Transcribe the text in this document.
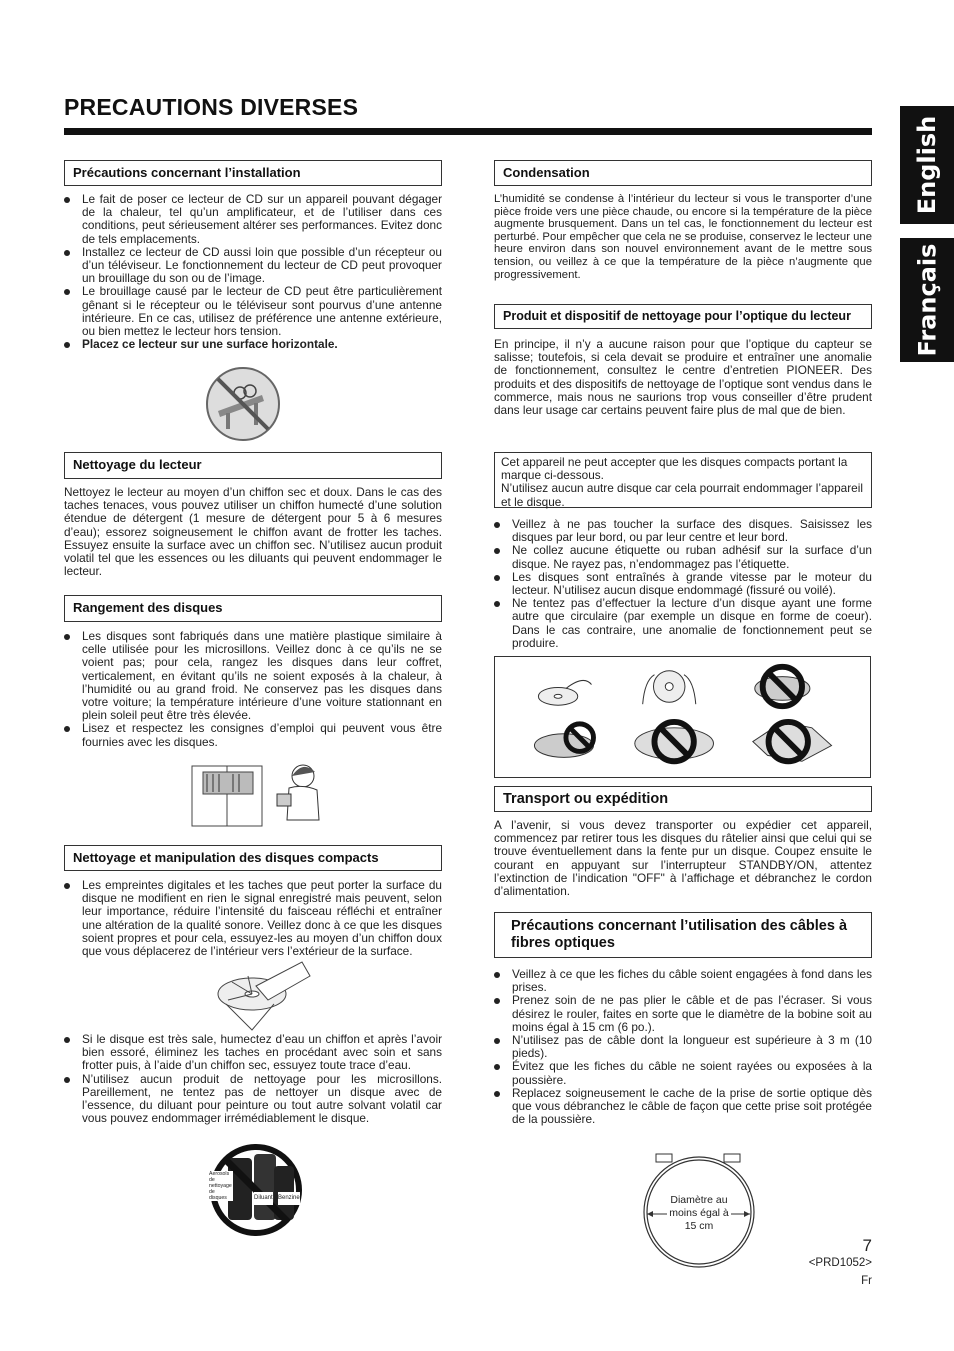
PRECAUTIONS DIVERSES
English
Français
Précautions concernant l’installation
Le fait de poser ce lecteur de CD sur un appareil pouvant dégager de la chaleur, tel qu’un amplificateur, et de l’utiliser dans ces conditions, peut sérieusement altérer ses performances. Evitez donc de tels emplacements.
Installez ce lecteur de CD aussi loin que possible d’un récepteur ou d’un téléviseur. Le fonctionnement du lecteur de CD peut provoquer un brouillage du son ou de l’image.
Le brouillage causé par le lecteur de CD peut être particulièrement gênant si le récepteur ou le téléviseur sont pourvus d’une antenne intérieure. En ce cas, utilisez de préférence une antenne extérieure, ou bien mettez le lecteur hors tension.
Placez ce lecteur sur une surface horizontale.
Nettoyage du lecteur

Nettoyez le lecteur au moyen d’un chiffon sec et doux. Dans le cas des taches tenaces, vous pouvez utiliser un chiffon humecté d’une solution étendue de détergent (1 mesure de détergent pour 5 à 6 mesures d’eau); essorez soigneusement le chiffon avant de frotter les taches. Essuyez ensuite la surface avec un chiffon sec. N’utilisez aucun produit volatil tel que les essences ou les diluants qui peuvent endommager le lecteur.

Rangement des disques
Les disques sont fabriqués dans une matière plastique similaire à celle utilisée pour les microsillons. Veillez donc à ce qu’ils ne se voient pas; pour cela, rangez les disques dans leur coffret, verticalement, en évitant qu’ils ne soient exposés à la chaleur, à l’humidité ou au grand froid. Ne conservez pas les disques dans votre voiture; la température intérieure d’une voiture stationnant en plein soleil peut être très élevée.
Lisez et respectez les consignes d’emploi qui peuvent vous être fournies avec les disques.
Nettoyage et manipulation des disques compacts
Les empreintes digitales et les taches que peut porter la surface du disque ne modifient en rien le signal enregistré mais peuvent, selon leur importance, réduire l’intensité du faisceau réfléchi et entraîner une altération de la qualité sonore. Veillez donc à ce que les disques soient propres et pour cela, essuyez-les au moyen d’un chiffon doux que vous déplacerez de l’intérieur vers l’extérieur de la surface.
Si le disque est très sale, humectez d’eau un chiffon et après l’avoir bien essoré, éliminez les taches en procédant avec soin et sans frotter puis, à l’aide d’un chiffon sec, essuyez toute trace d’eau.
N’utilisez aucun produit de nettoyage pour les microsillons. Pareillement, ne tentez pas de nettoyer un disque avec de l’essence, du diluant pour peinture ou tout autre solvant volatil car vous pouvez endommager irrémédiablement le disque.
Aerosols de nettoyage de disques	Diluant Benzine
Condensation

L’humidité se condense à l’intérieur du lecteur si vous le transporter d’une pièce froide vers une pièce chaude, ou encore si la température de la pièce augmente brusquement. Dans un tel cas, le fonctionnement du lecteur est perturbé. Pour empêcher que cela ne se produise, conservez le lecteur une heure environ dans son nouvel environnement avant de le mettre sous tension, ou veillez à ce que la température de la pièce n’augmente que progressivement.

Produit et dispositif de nettoyage pour l’optique du lecteur

En principe, il n’y a aucune raison pour que l’optique du capteur se salisse; toutefois, si cela devait se produire et entraîner une anomalie de fonctionnement, consultez le centre d’entretien PIONEER. Des produits et des dispositifs de nettoyage de l’optique sont vendus dans le commerce, mais nous ne saurions trop vous conseiller d’être prudent dans leur usage car certains peuvent faire plus de mal que de bien.

Cet appareil ne peut accepter que les disques compacts portant la marque ci-dessous.

N’utilisez aucun autre disque car cela pourrait endommager l’appareil et le disque.

Veillez à ne pas toucher la surface des disques. Saisissez les disques par leur bord, ou par leur centre et leur bord.
Ne collez aucune étiquette ou ruban adhésif sur la surface d’un disque. Ne rayez pas, n’endommagez pas l’étiquette.
Les disques sont entraînés à grande vitesse par le moteur du lecteur. N’utilisez aucun disque endommagé (fissuré ou voilé).
Ne tentez pas d’effectuer la lecture d’un disque ayant une forme autre que circulaire (par exemple un disque en forme de coeur). Dans le cas contraire, une anomalie de fonctionnement peut se produire.
Transport ou expédition

A l’avenir, si vous devez transporter ou expédier cet appareil, commencez par retirer tous les disques du râtelier ainsi que celui qui se trouve éventuellement dans la fente pur un disque. Coupez ensuite le courant en appuyant sur l’interrupteur STANDBY/ON, attentez l’extinction de l’indication "OFF" à l’affichage et débranchez le cordon d’alimentation.

Précautions concernant l’utilisation des câbles à fibres optiques
Veillez à ce que les fiches du câble soient engagées à fond dans les prises.
Prenez soin de ne pas plier le câble et de pas l’écraser. Si vous désirez le rouler, faites en sorte que le diamètre de la bobine soit au moins égal à 15 cm (6 po.).
N’utilisez pas de câble dont la longueur est supérieure à 3 m (10 pieds).
Évitez que les fiches du câble ne soient rayées ou exposées à la poussière.
Replacez soigneusement le cache de la prise de sortie optique dès que vous débranchez le câble de façon que cette prise soit protégée de la poussière.
Diamètre au
moins égal à
15 cm
7
<PRD1052>
Fr
